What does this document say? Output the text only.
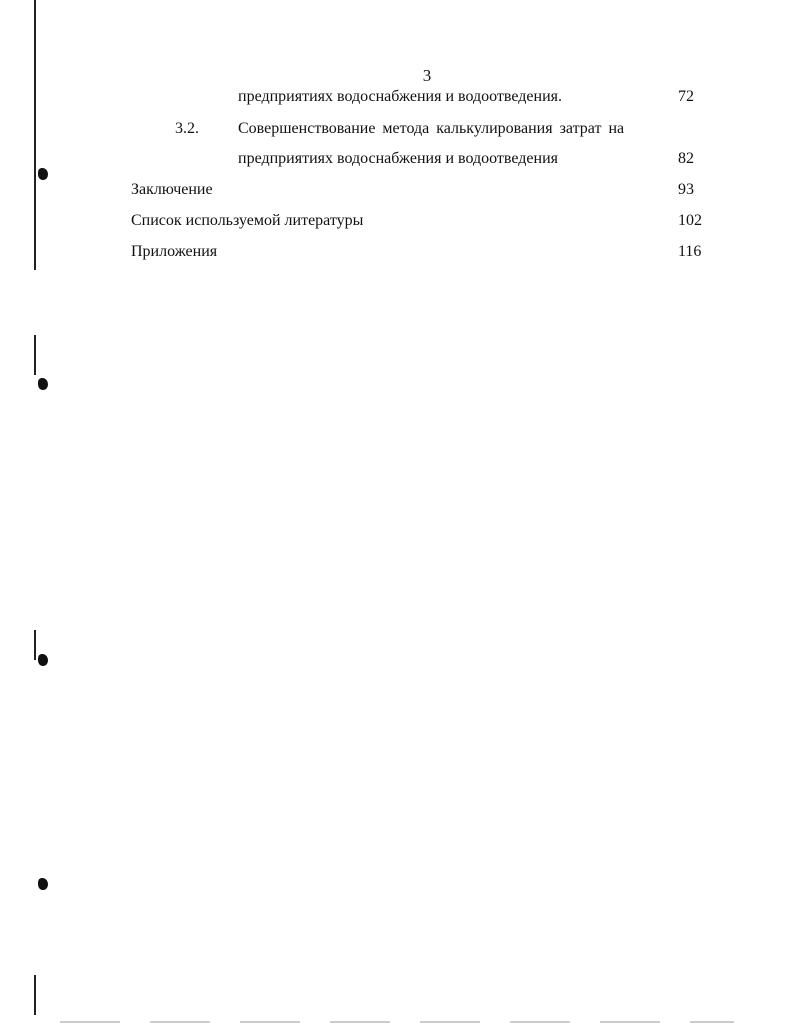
3
предприятиях водоснабжения и водоотведения.	72
3.2. Совершенствование метода калькулирования затрат на
предприятиях водоснабжения и водоотведения	82
Заключение	93
Список используемой литературы	102
Приложения	116
